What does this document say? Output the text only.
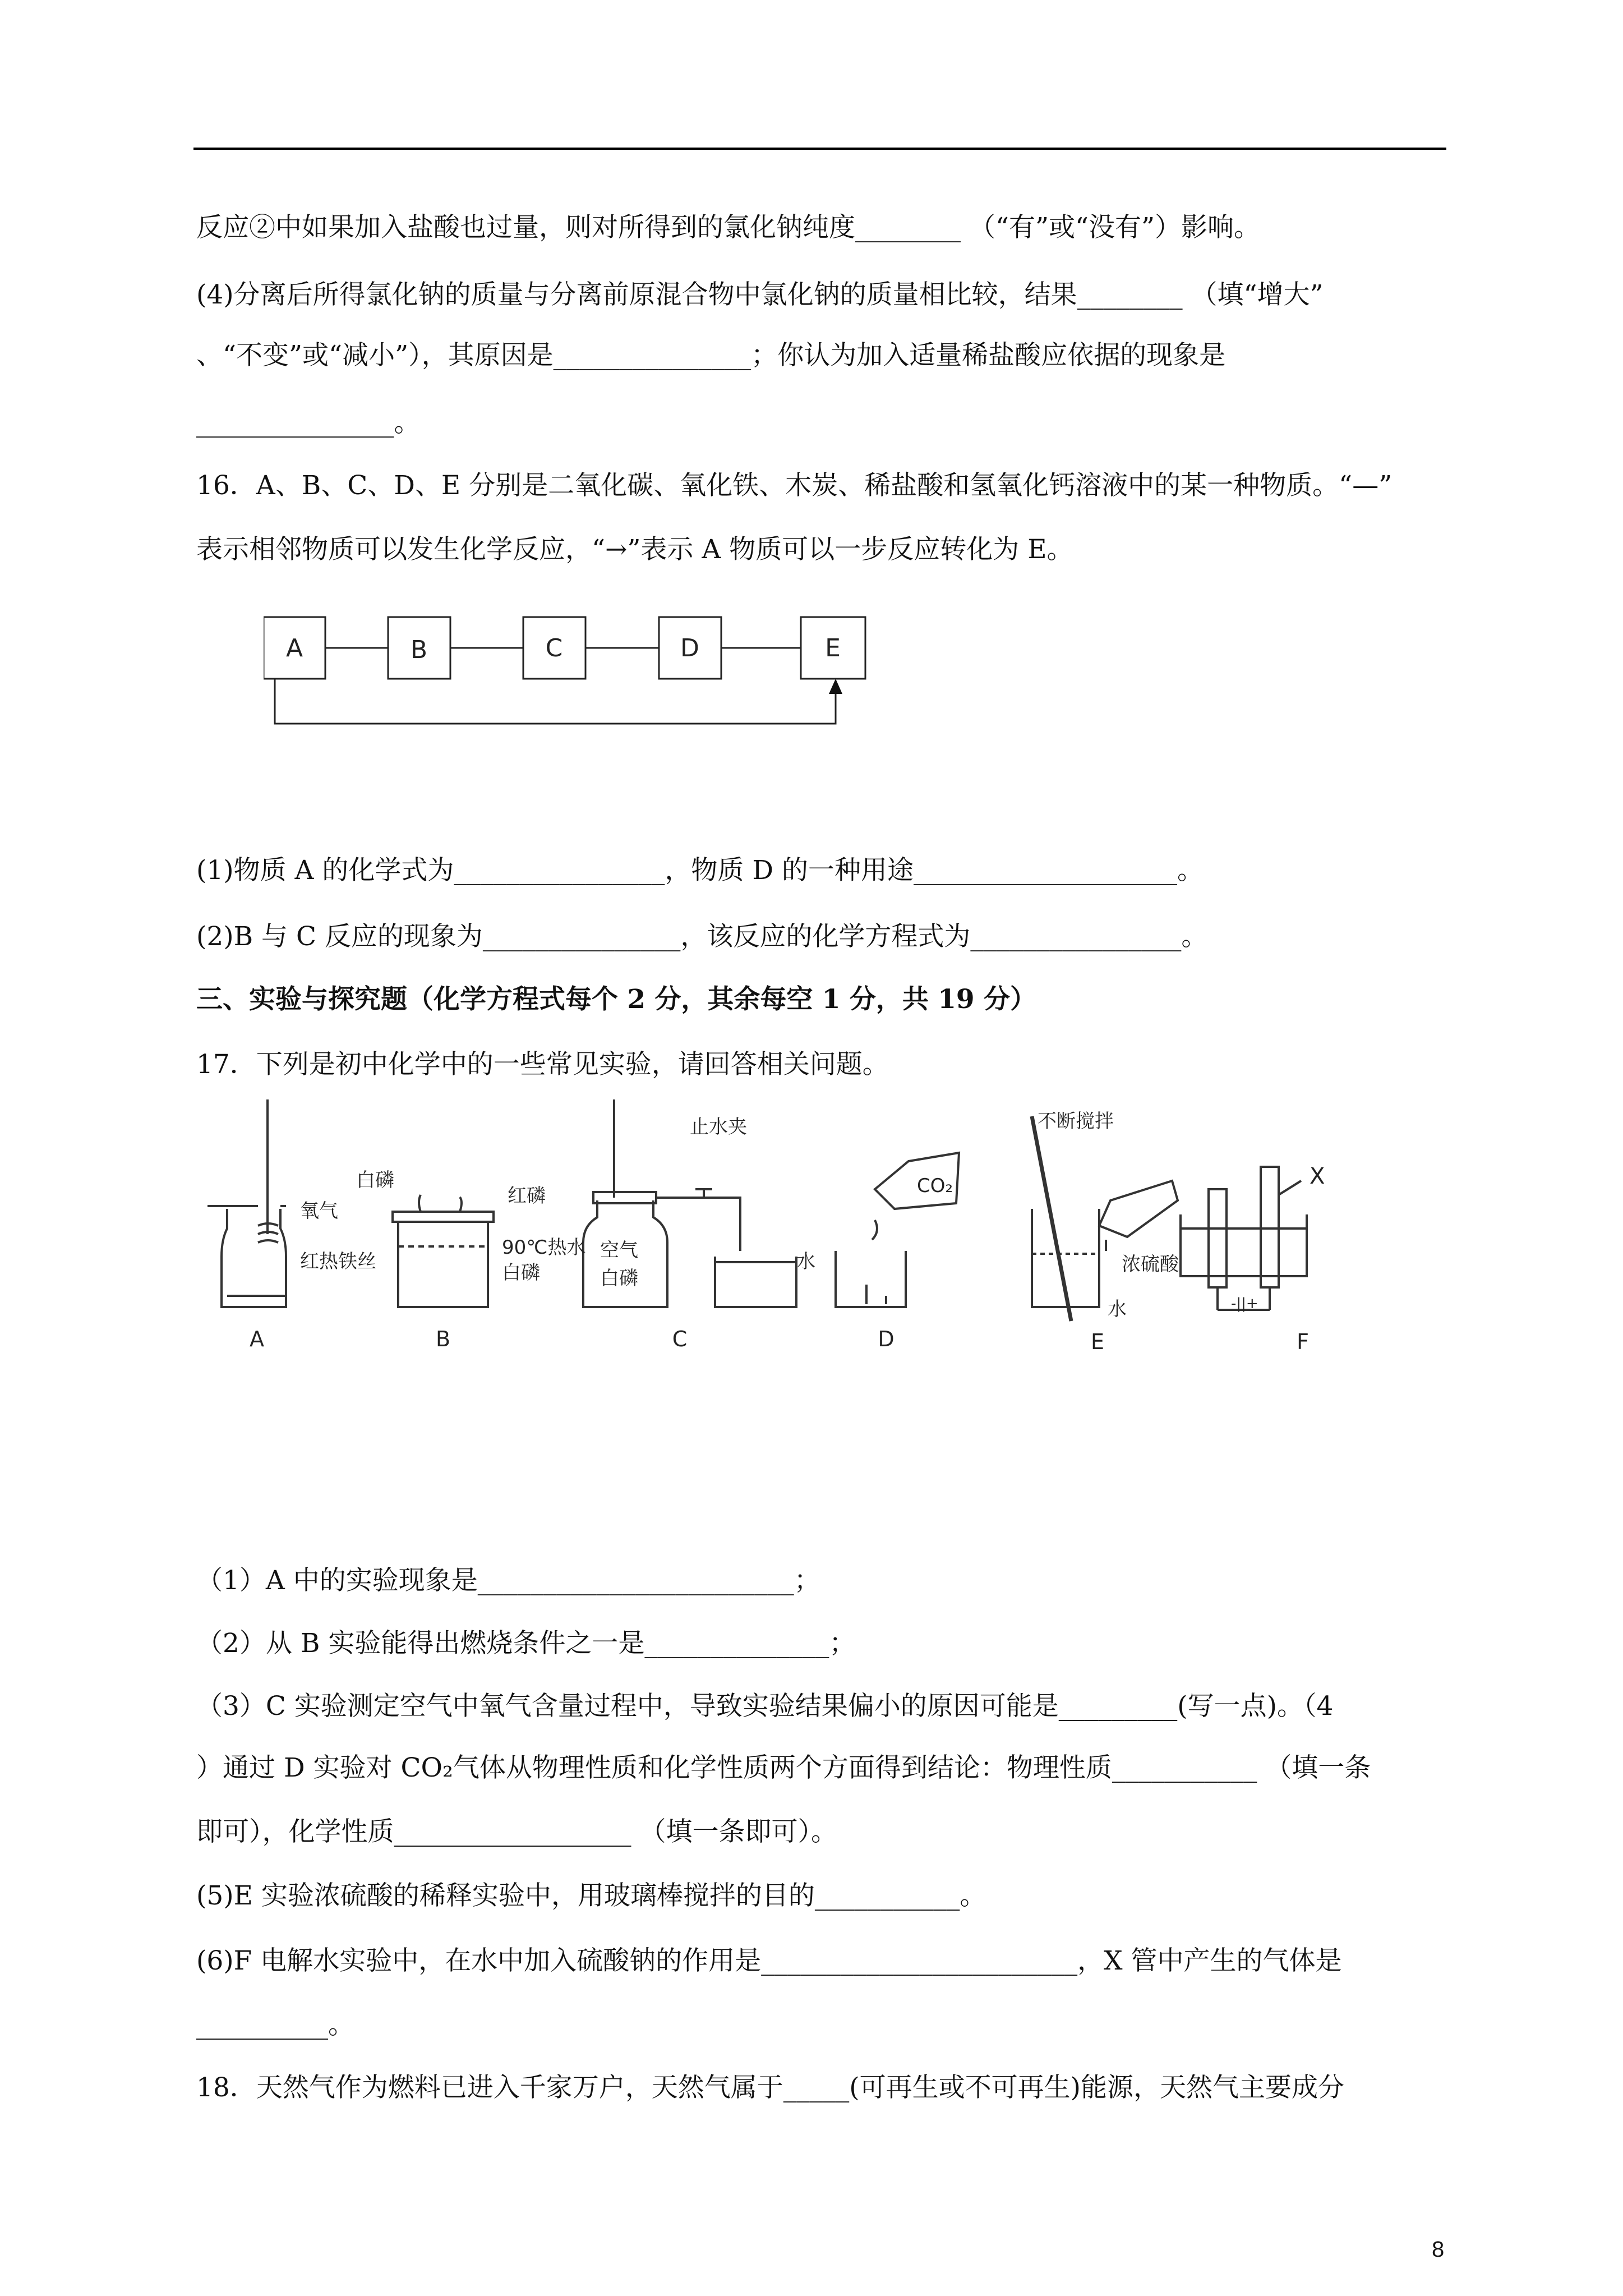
反应②中如果加入盐酸也过量，则对所得到的氯化钠纯度________ （“有”或“没有”）影响。
(4)分离后所得氯化钠的质量与分离前原混合物中氯化钠的质量相比较，结果________ （填“增大”
、“不变”或“减小”），其原因是_______________；你认为加入适量稀盐酸应依据的现象是
_______________。
16．A、B、C、D、E 分别是二氧化碳、氧化铁、木炭、稀盐酸和氢氧化钙溶液中的某一种物质。“—”
表示相邻物质可以发生化学反应，“→”表示 A 物质可以一步反应转化为 E。
A	B	C	D	E
(1)物质 A 的化学式为________________，物质 D 的一种用途____________________。
(2)B 与 C 反应的现象为_______________，该反应的化学方程式为________________。
三、实验与探究题（化学方程式每个 2 分，其余每空 1 分，共 19 分）
17．下列是初中化学中的一些常见实验，请回答相关问题。
氧气
红热铁丝
白磷
红磷
90℃热水
白磷
止水夹
空气
白磷
水
CO₂
不断搅拌
浓硫酸
水
X
-||+
A	B	C	D	E	F
（1）A 中的实验现象是________________________；
（2）从 B 实验能得出燃烧条件之一是______________；
（3）C 实验测定空气中氧气含量过程中，导致实验结果偏小的原因可能是_________(写一点)。（4
）通过 D 实验对 CO₂气体从物理性质和化学性质两个方面得到结论：物理性质___________ （填一条
即可），化学性质__________________ （填一条即可）。
(5)E 实验浓硫酸的稀释实验中，用玻璃棒搅拌的目的___________。
(6)F 电解水实验中，在水中加入硫酸钠的作用是________________________，X 管中产生的气体是
__________。
18．天然气作为燃料已进入千家万户，天然气属于_____(可再生或不可再生)能源，天然气主要成分
8
